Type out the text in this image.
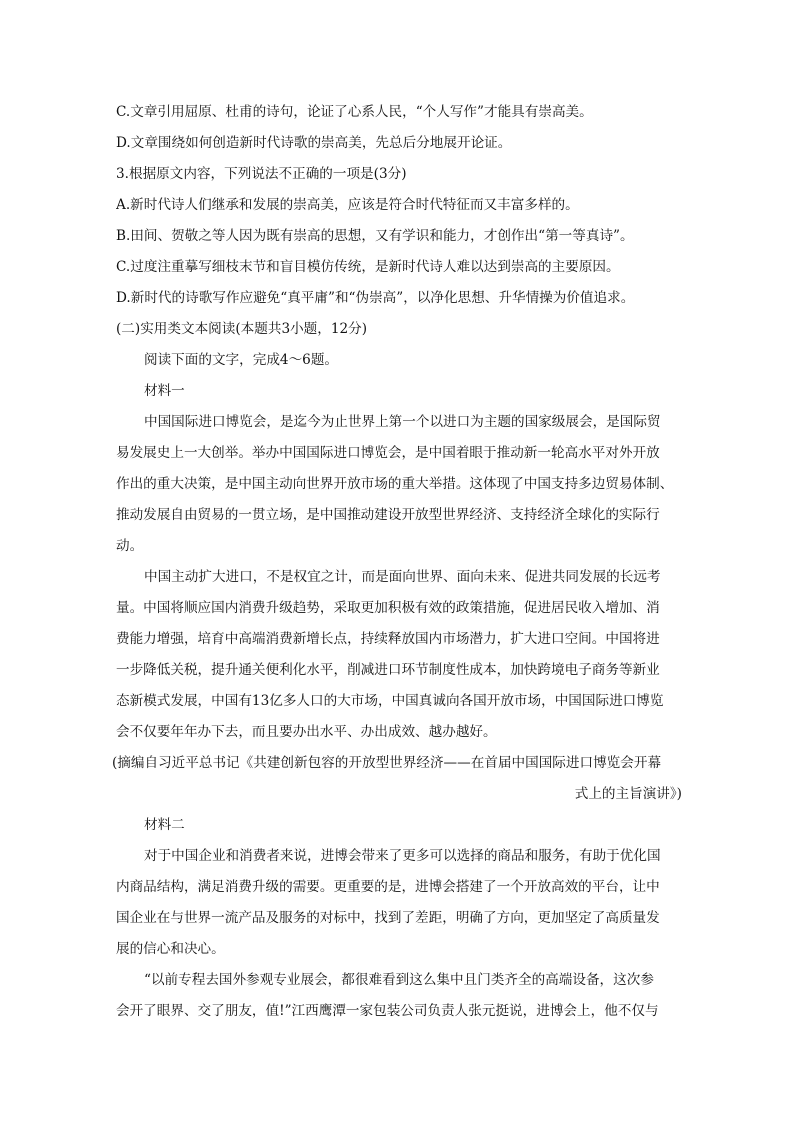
C.文章引用屈原、杜甫的诗句，论证了心系人民，“个人写作”才能具有崇高美。
D.文章围绕如何创造新时代诗歌的崇高美，先总后分地展开论证。
3.根据原文内容，下列说法不正确的一项是(3分)
A.新时代诗人们继承和发展的崇高美，应该是符合时代特征而又丰富多样的。
B.田间、贺敬之等人因为既有崇高的思想，又有学识和能力，才创作出“第一等真诗”。
C.过度注重摹写细枝末节和盲目模仿传统，是新时代诗人难以达到崇高的主要原因。
D.新时代的诗歌写作应避免“真平庸”和“伪崇高”，以净化思想、升华情操为价值追求。
(二)实用类文本阅读(本题共3小题，12分)
阅读下面的文字，完成4～6题。
材料一
中国国际进口博览会，是迄今为止世界上第一个以进口为主题的国家级展会，是国际贸
易发展史上一大创举。举办中国国际进口博览会，是中国着眼于推动新一轮高水平对外开放
作出的重大决策，是中国主动向世界开放市场的重大举措。这体现了中国支持多边贸易体制、
推动发展自由贸易的一贯立场，是中国推动建设开放型世界经济、支持经济全球化的实际行
动。
中国主动扩大进口，不是权宜之计，而是面向世界、面向未来、促进共同发展的长远考
量。中国将顺应国内消费升级趋势，采取更加积极有效的政策措施，促进居民收入增加、消
费能力增强，培育中高端消费新增长点，持续释放国内市场潜力，扩大进口空间。中国将进
一步降低关税，提升通关便利化水平，削减进口环节制度性成本，加快跨境电子商务等新业
态新模式发展，中国有13亿多人口的大市场，中国真诚向各国开放市场，中国国际进口博览
会不仅要年年办下去，而且要办出水平、办出成效、越办越好。
(摘编自习近平总书记《共建创新包容的开放型世界经济——在首届中国国际进口博览会开幕
式上的主旨演讲》)
材料二
对于中国企业和消费者来说，进博会带来了更多可以选择的商品和服务，有助于优化国
内商品结构，满足消费升级的需要。更重要的是，进博会搭建了一个开放高效的平台，让中
国企业在与世界一流产品及服务的对标中，找到了差距，明确了方向，更加坚定了高质量发
展的信心和决心。
“以前专程去国外参观专业展会，都很难看到这么集中且门类齐全的高端设备，这次参
会开了眼界、交了朋友，值!”江西鹰潭一家包装公司负责人张元挺说，进博会上，他不仅与
